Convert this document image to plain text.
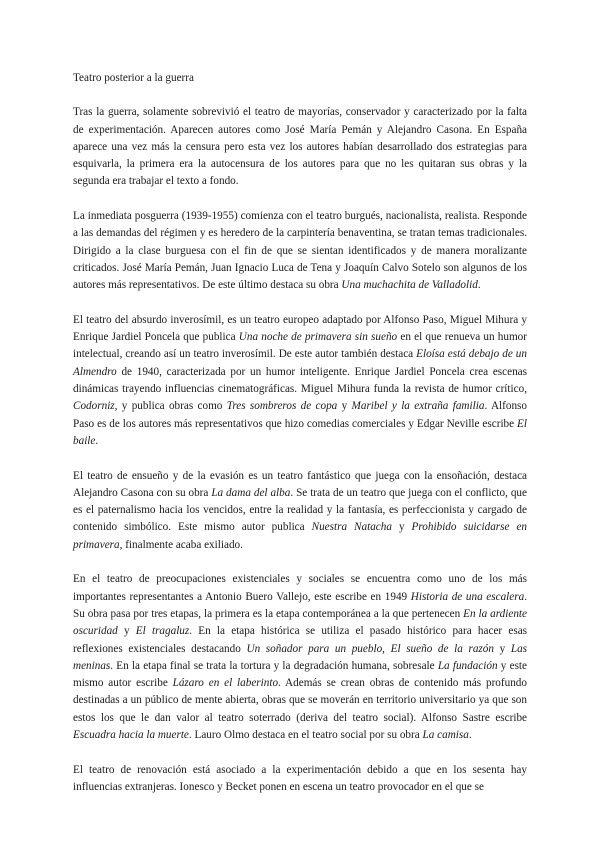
Teatro posterior a la guerra

Tras la guerra, solamente sobrevivió el teatro de mayorías, conservador y caracterizado por la falta de experimentación. Aparecen autores como José María Pemán y Alejandro Casona. En España aparece una vez más la censura pero esta vez los autores habían desarrollado dos estrategias para esquivarla, la primera era la autocensura de los autores para que no les quitaran sus obras y la segunda era trabajar el texto a fondo.

La inmediata posguerra (1939-1955) comienza con el teatro burgués, nacionalista, realista. Responde a las demandas del régimen y es heredero de la carpintería benaventina, se tratan temas tradicionales. Dirigido a la clase burguesa con el fin de que se sientan identificados y de manera moralizante criticados. José María Pemán, Juan Ignacio Luca de Tena y Joaquín Calvo Sotelo son algunos de los autores más representativos. De este último destaca su obra Una muchachita de Valladolid.

El teatro del absurdo inverosímil, es un teatro europeo adaptado por Alfonso Paso, Miguel Mihura y Enrique Jardiel Poncela que publica Una noche de primavera sin sueño en el que renueva un humor intelectual, creando así un teatro inverosímil. De este autor también destaca Eloísa está debajo de un Almendro de 1940, caracterizada por un humor inteligente. Enrique Jardiel Poncela crea escenas dinámicas trayendo influencias cinematográficas. Miguel Mihura funda la revista de humor crítico, Codorniz, y publica obras como Tres sombreros de copa y Maribel y la extraña familia. Alfonso Paso es de los autores más representativos que hizo comedias comerciales y Edgar Neville escribe El baile.

El teatro de ensueño y de la evasión es un teatro fantástico que juega con la ensoñación, destaca Alejandro Casona con su obra La dama del alba. Se trata de un teatro que juega con el conflicto, que es el paternalismo hacia los vencidos, entre la realidad y la fantasía, es perfeccionista y cargado de contenido simbólico. Este mismo autor publica Nuestra Natacha y Prohibido suicidarse en primavera, finalmente acaba exiliado.

En el teatro de preocupaciones existenciales y sociales se encuentra como uno de los más importantes representantes a Antonio Buero Vallejo, este escribe en 1949 Historia de una escalera. Su obra pasa por tres etapas, la primera es la etapa contemporánea a la que pertenecen En la ardiente oscuridad y El tragaluz. En la etapa histórica se utiliza el pasado histórico para hacer esas reflexiones existenciales destacando Un soñador para un pueblo, El sueño de la razón y Las meninas. En la etapa final se trata la tortura y la degradación humana, sobresale La fundación y este mismo autor escribe Lázaro en el laberinto. Además se crean obras de contenido más profundo destinadas a un público de mente abierta, obras que se moverán en territorio universitario ya que son estos los que le dan valor al teatro soterrado (deriva del teatro social). Alfonso Sastre escribe Escuadra hacia la muerte. Lauro Olmo destaca en el teatro social por su obra La camisa.

El teatro de renovación está asociado a la experimentación debido a que en los sesenta hay influencias extranjeras. Ionesco y Becket ponen en escena un teatro provocador en el que se
